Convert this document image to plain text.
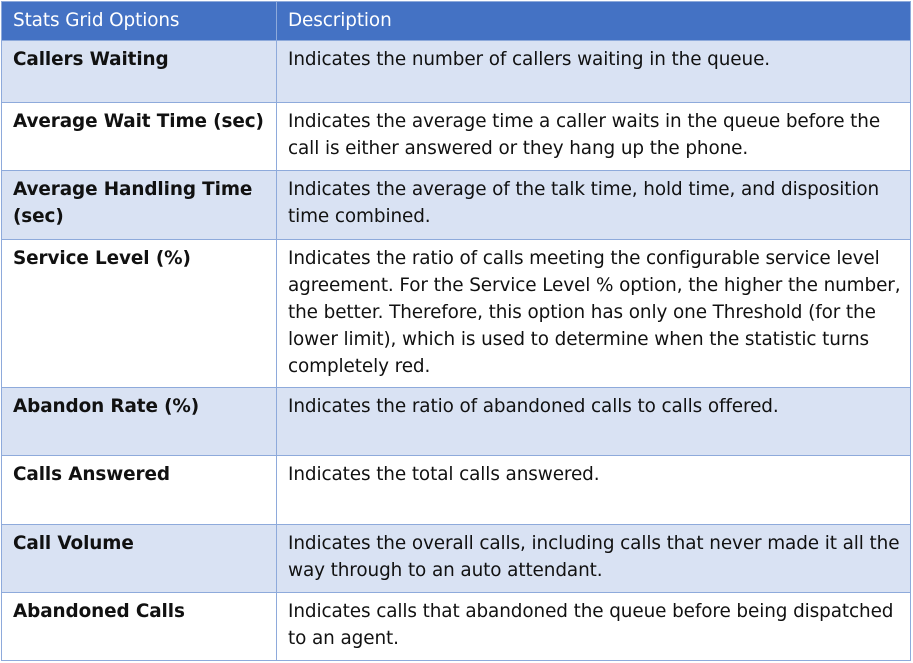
Stats Grid Options	Description
Callers Waiting	Indicates the number of callers waiting in the queue.
Average Wait Time (sec)	Indicates the average time a caller waits in the queue before the call is either answered or they hang up the phone.
Average Handling Time (sec)	Indicates the average of the talk time, hold time, and disposition time combined.
Service Level (%)	Indicates the ratio of calls meeting the configurable service level agreement. For the Service Level % option, the higher the number, the better. Therefore, this option has only one Threshold (for the lower limit), which is used to determine when the statistic turns completely red.
Abandon Rate (%)	Indicates the ratio of abandoned calls to calls offered.
Calls Answered	Indicates the total calls answered.
Call Volume	Indicates the overall calls, including calls that never made it all the way through to an auto attendant.
Abandoned Calls	Indicates calls that abandoned the queue before being dispatched to an agent.
